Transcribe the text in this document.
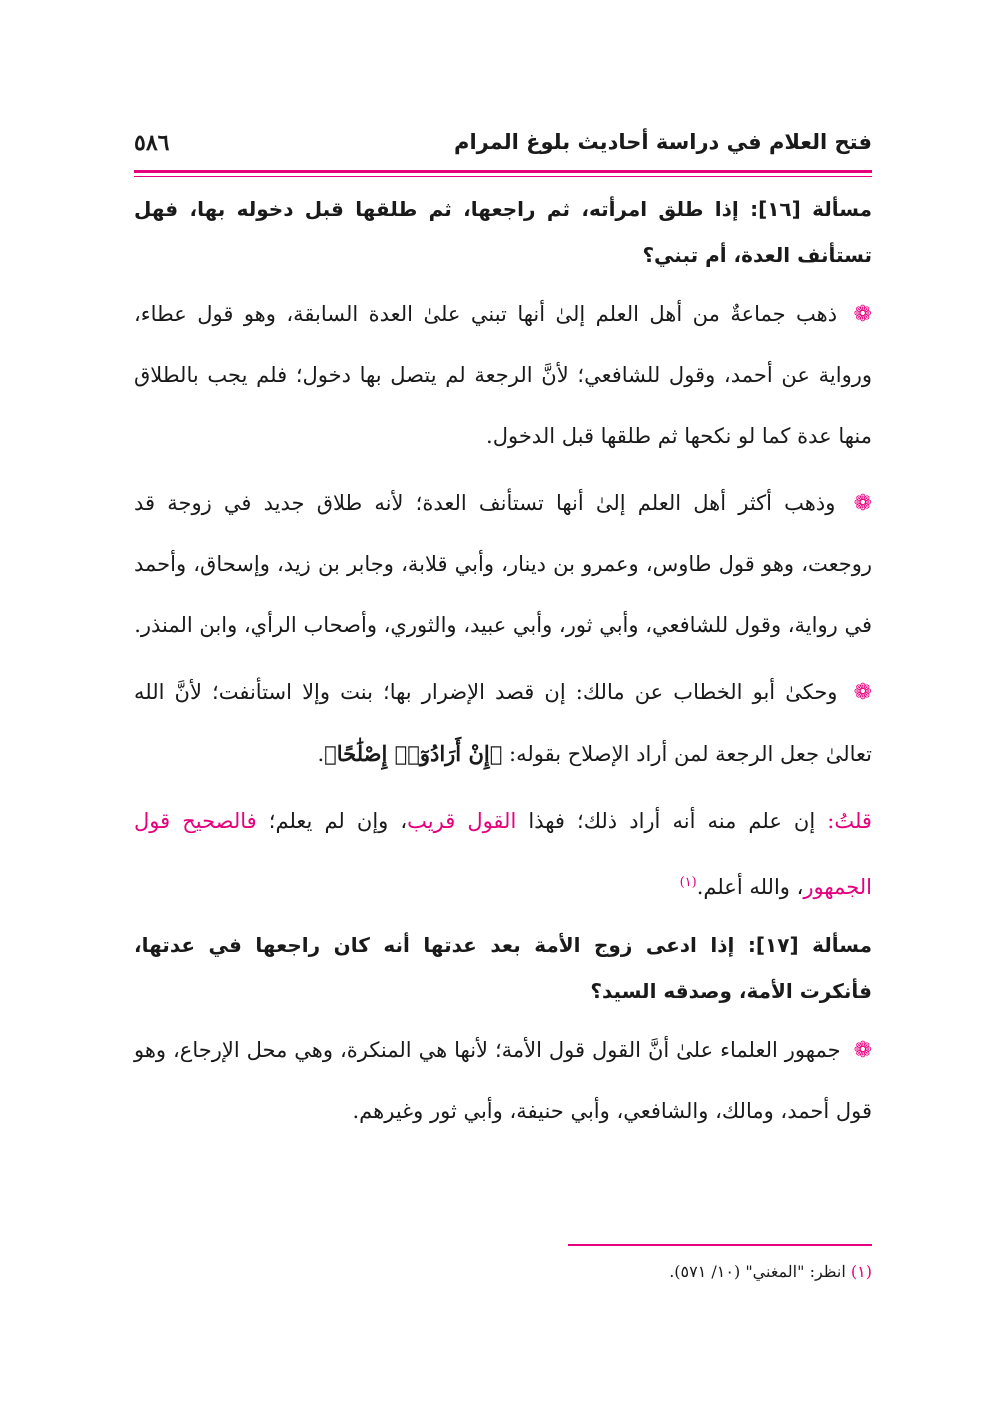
فتح العلام في دراسة أحاديث بلوغ المرام
٥٨٦

مسألة [١٦]: إذا طلق امرأته، ثم راجعها، ثم طلقها قبل دخوله بها، فهل تستأنف العدة، أم تبني؟

❁ ذهب جماعةٌ من أهل العلم إلىٰ أنها تبني علىٰ العدة السابقة، وهو قول عطاء، ورواية عن أحمد، وقول للشافعي؛ لأنَّ الرجعة لم يتصل بها دخول؛ فلم يجب بالطلاق منها عدة كما لو نكحها ثم طلقها قبل الدخول.

❁ وذهب أكثر أهل العلم إلىٰ أنها تستأنف العدة؛ لأنه طلاق جديد في زوجة قد روجعت، وهو قول طاوس، وعمرو بن دينار، وأبي قلابة، وجابر بن زيد، وإسحاق، وأحمد في رواية، وقول للشافعي، وأبي ثور، وأبي عبيد، والثوري، وأصحاب الرأي، وابن المنذر.

❁ وحكىٰ أبو الخطاب عن مالك: إن قصد الإضرار بها؛ بنت وإلا استأنفت؛ لأنَّ الله تعالىٰ جعل الرجعة لمن أراد الإصلاح بقوله: ﴿إِنْ أَرَادُوٓا۟ إِصْلَٰحًا﴾.

قلتُ: إن علم منه أنه أراد ذلك؛ فهذا القول قريب، وإن لم يعلم؛ فالصحيح قول الجمهور، والله أعلم.$^{(١)}$

مسألة [١٧]: إذا ادعى زوج الأمة بعد عدتها أنه كان راجعها في عدتها، فأنكرت الأمة، وصدقه السيد؟

❁ جمهور العلماء علىٰ أنَّ القول قول الأمة؛ لأنها هي المنكرة، وهي محل الإرجاع، وهو قول أحمد، ومالك، والشافعي، وأبي حنيفة، وأبي ثور وغيرهم.

(١) انظر: "المغني" (١٠/ ٥٧١).
